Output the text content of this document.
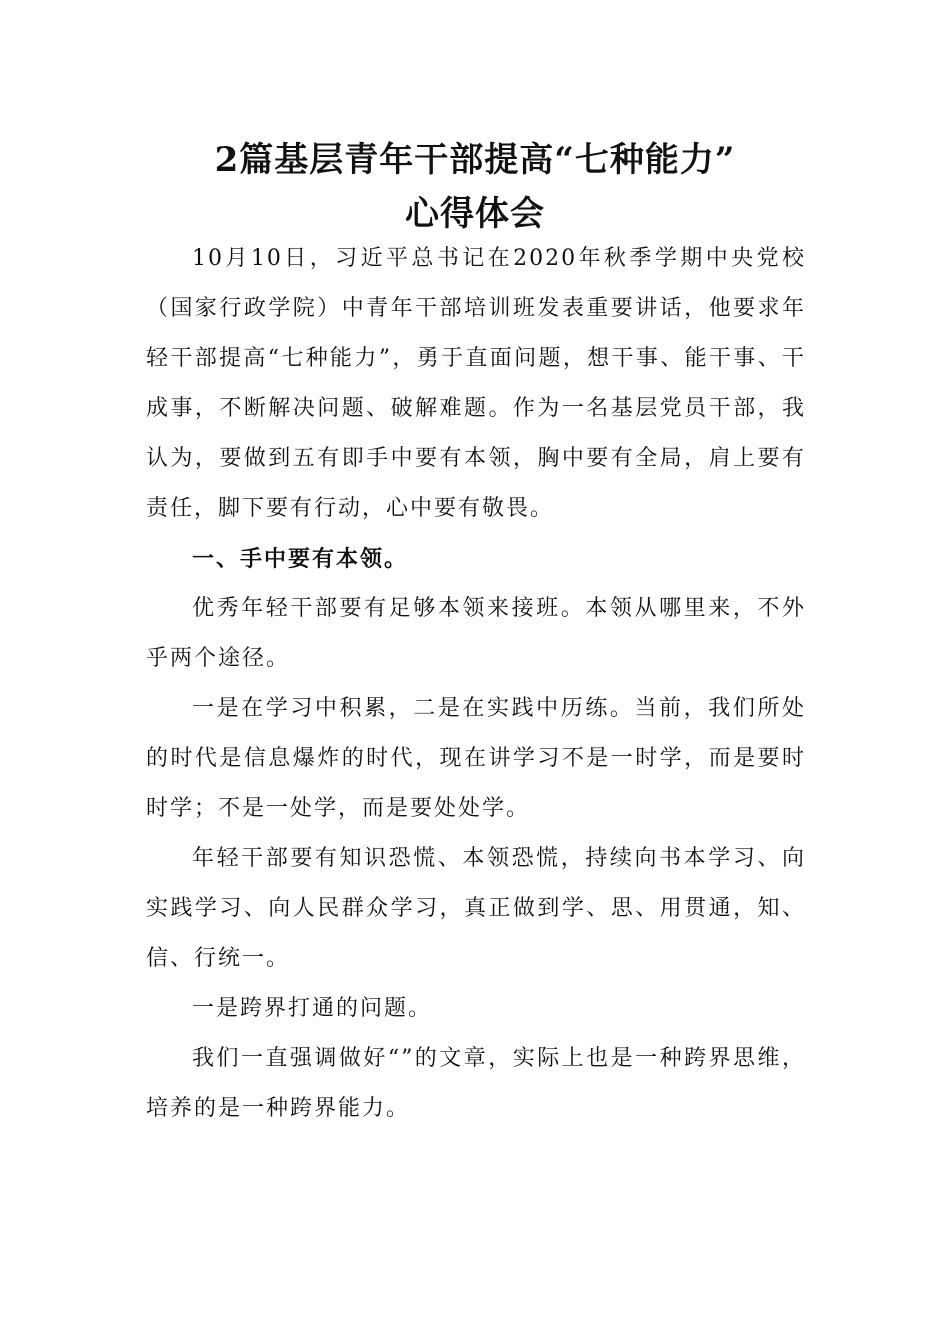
2篇基层青年干部提高“七种能力”
心得体会

10月10日，习近平总书记在2020年秋季学期中央党校（国家行政学院）中青年干部培训班发表重要讲话，他要求年轻干部提高“七种能力”，勇于直面问题，想干事、能干事、干成事，不断解决问题、破解难题。作为一名基层党员干部，我认为，要做到五有即手中要有本领，胸中要有全局，肩上要有责任，脚下要有行动，心中要有敬畏。

一、手中要有本领。

优秀年轻干部要有足够本领来接班。本领从哪里来，不外乎两个途径。

一是在学习中积累，二是在实践中历练。当前，我们所处的时代是信息爆炸的时代，现在讲学习不是一时学，而是要时时学；不是一处学，而是要处处学。

年轻干部要有知识恐慌、本领恐慌，持续向书本学习、向实践学习、向人民群众学习，真正做到学、思、用贯通，知、信、行统一。

一是跨界打通的问题。

我们一直强调做好“”的文章，实际上也是一种跨界思维，培养的是一种跨界能力。
